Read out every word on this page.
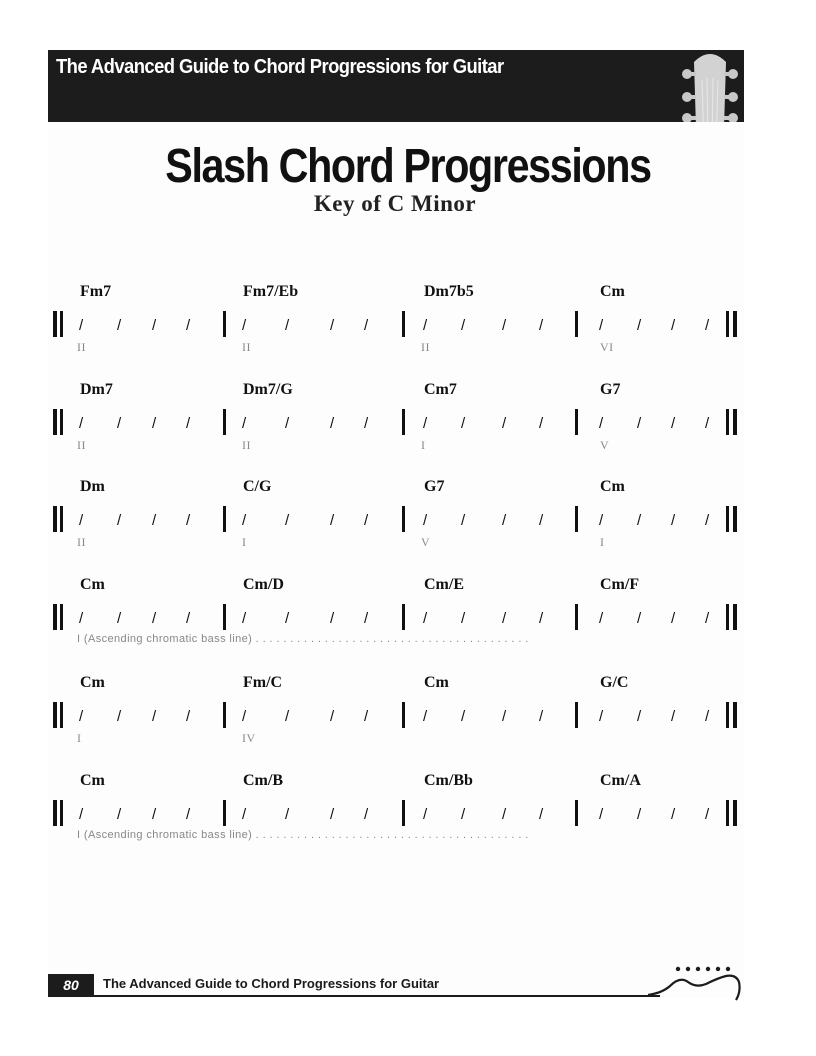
The Advanced Guide to Chord Progressions for Guitar
Slash Chord Progressions
Key of C Minor
Fm7
/ / / /
II
Fm7/Eb
/	/	/ /
II
Dm7b5
/ / / /
II
Cm
/ / / /
VI
Dm7
/ / / /
II
Dm7/G
/	/	/ /
II
Cm7
/ / / /
I
G7
/ / / /
V
Dm
/ / / /
II
C/G
/	/	/ /
I
G7
/ / / /
V
Cm
/ / / /
I
Cm
/ / / /
Cm/D
/	/	/ /
Cm/E
/ / / /
Cm/F
/ / / /
I (Ascending chromatic bass line) . . . . . . . . . . . . . . . . . . . . . . . . . . . . . . . . . . . . . . . .
Cm
/ / / /
I
Fm/C
/	/	/ /
IV
Cm
/ / / /
G/C
/ / / /
Cm
/ / / /
Cm/B
/	/	/ /
Cm/Bb
/ / / /
Cm/A
/ / / /
I (Ascending chromatic bass line) . . . . . . . . . . . . . . . . . . . . . . . . . . . . . . . . . . . . . . . .
80	The Advanced Guide to Chord Progressions for Guitar
